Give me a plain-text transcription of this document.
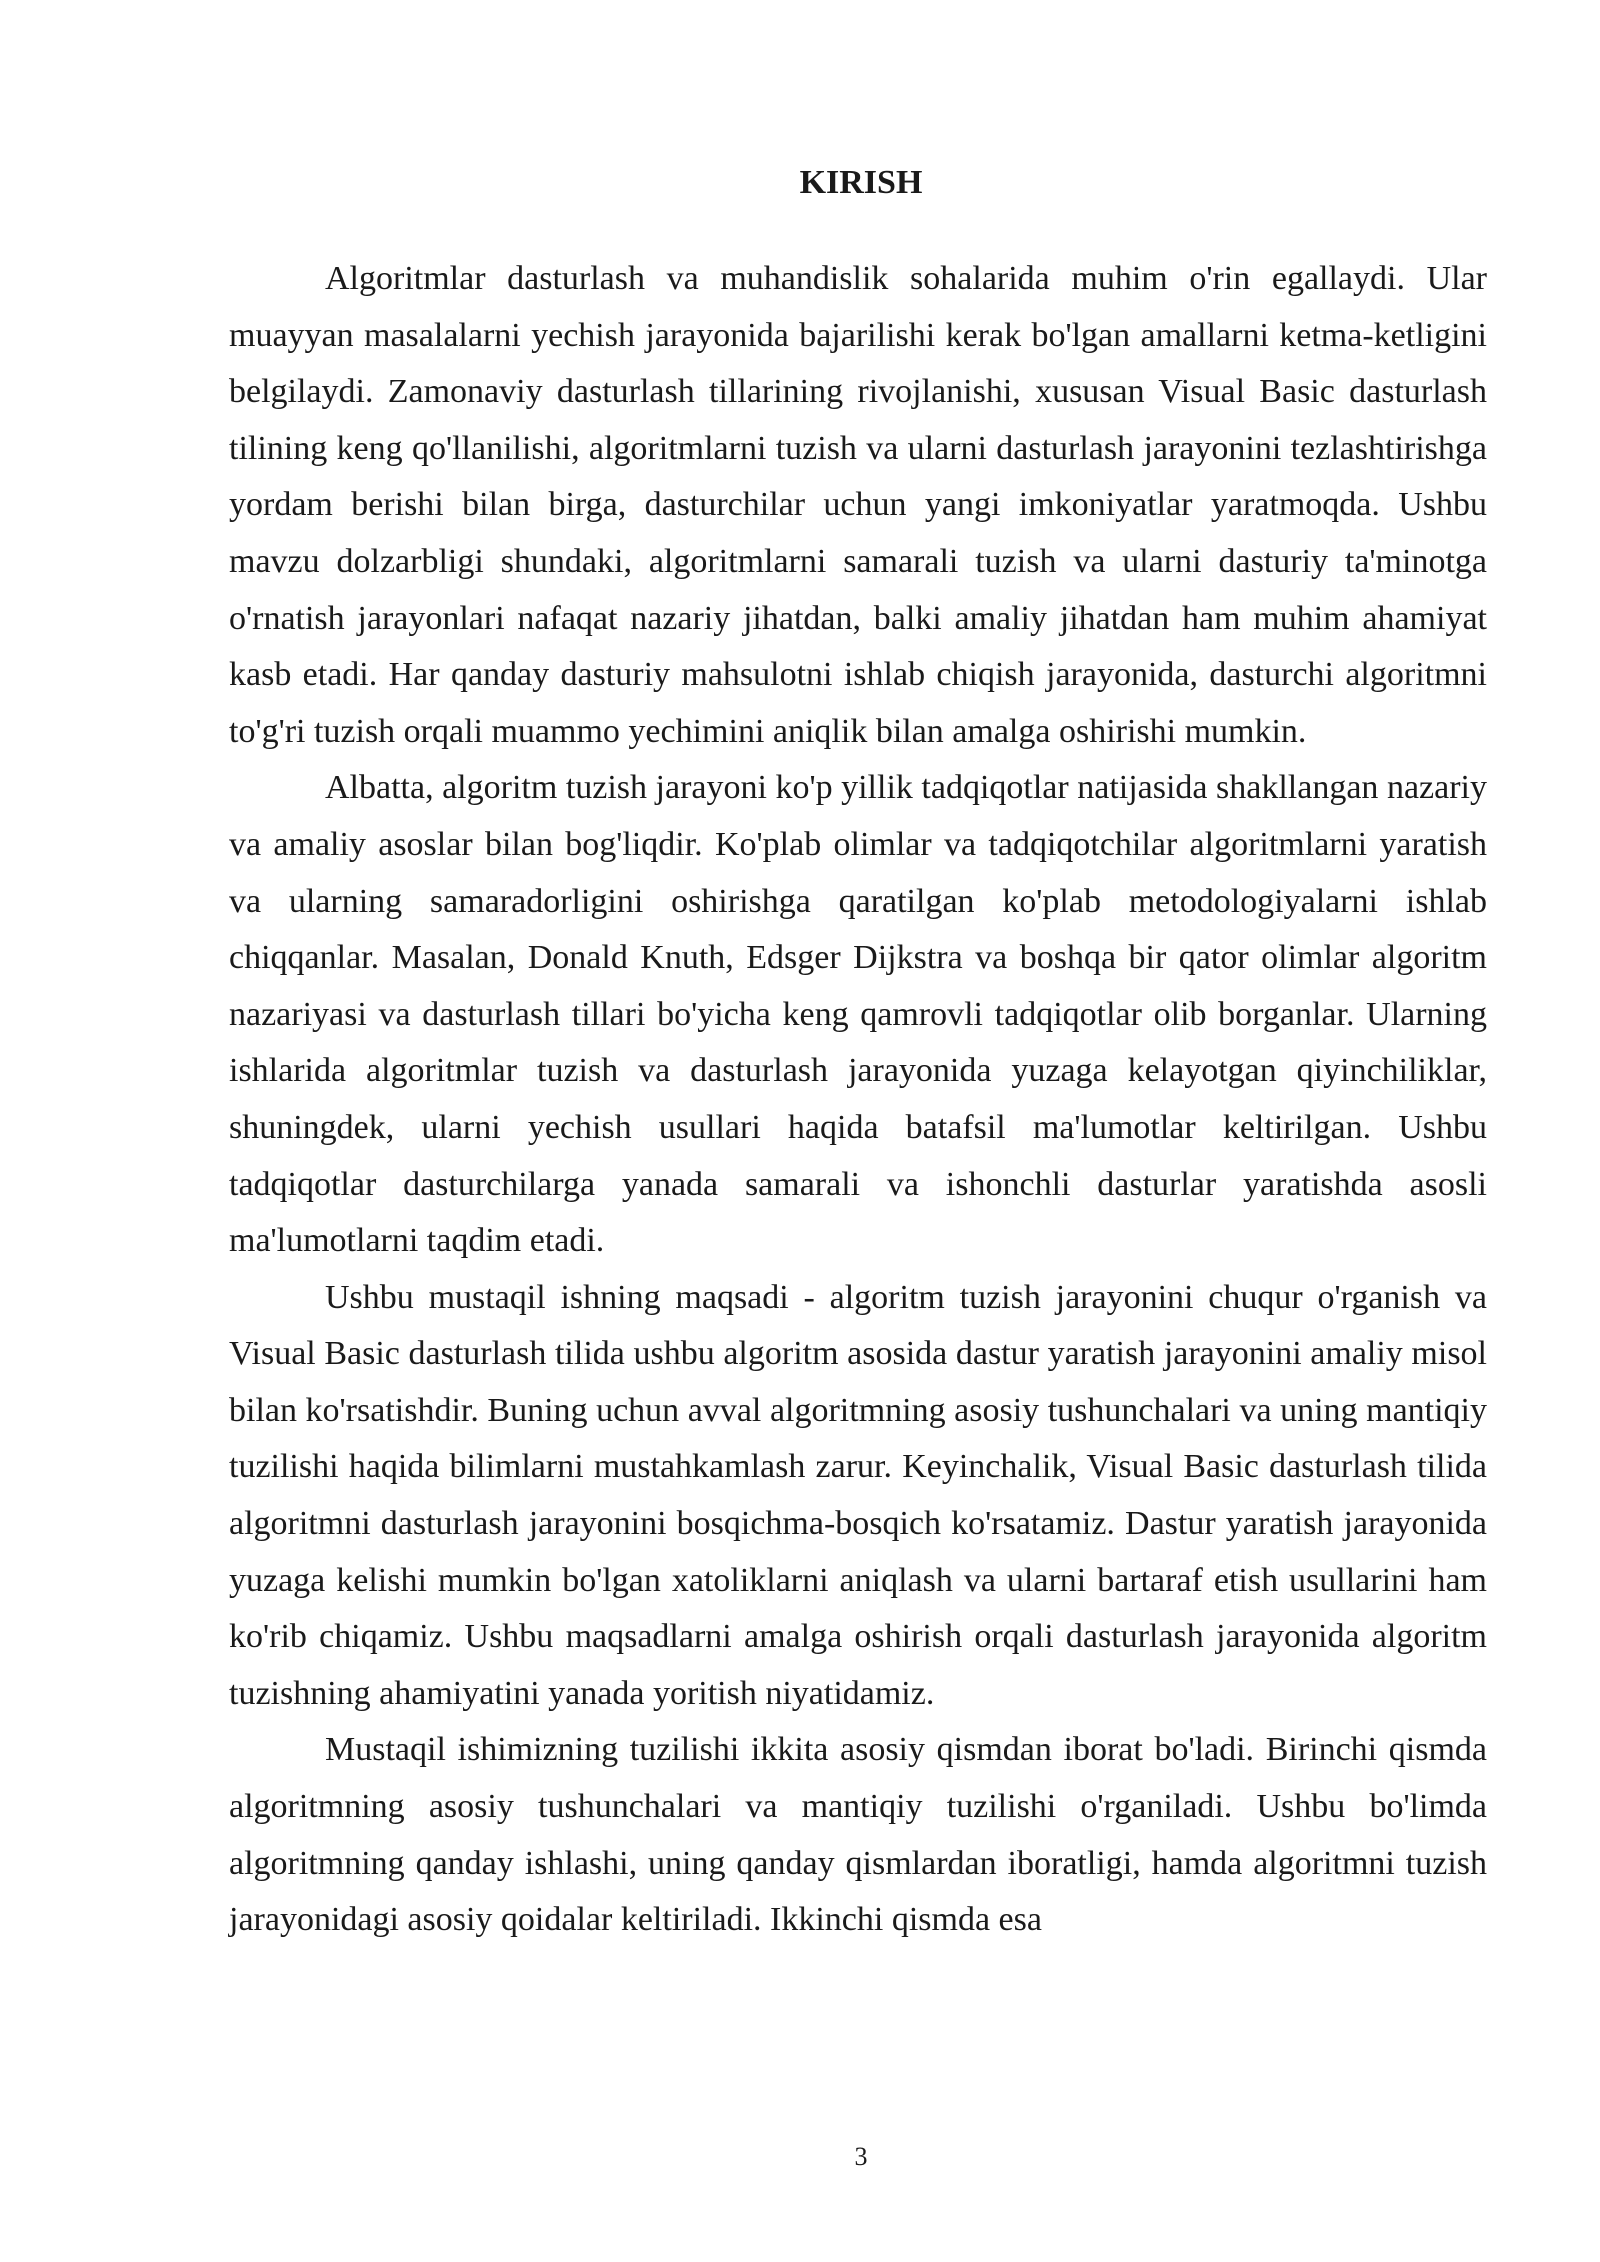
KIRISH

Algoritmlar dasturlash va muhandislik sohalarida muhim o'rin egallaydi. Ular muayyan masalalarni yechish jarayonida bajarilishi kerak bo'lgan amallarni ketma-ketligini belgilaydi. Zamonaviy dasturlash tillarining rivojlanishi, xususan Visual Basic dasturlash tilining keng qo'llanilishi, algoritmlarni tuzish va ularni dasturlash jarayonini tezlashtirishga yordam berishi bilan birga, dasturchilar uchun yangi imkoniyatlar yaratmoqda. Ushbu mavzu dolzarbligi shundaki, algoritmlarni samarali tuzish va ularni dasturiy ta'minotga o'rnatish jarayonlari nafaqat nazariy jihatdan, balki amaliy jihatdan ham muhim ahamiyat kasb etadi. Har qanday dasturiy mahsulotni ishlab chiqish jarayonida, dasturchi algoritmni to'g'ri tuzish orqali muammo yechimini aniqlik bilan amalga oshirishi mumkin.

Albatta, algoritm tuzish jarayoni ko'p yillik tadqiqotlar natijasida shakllangan nazariy va amaliy asoslar bilan bog'liqdir. Ko'plab olimlar va tadqiqotchilar algoritmlarni yaratish va ularning samaradorligini oshirishga qaratilgan ko'plab metodologiyalarni ishlab chiqqanlar. Masalan, Donald Knuth, Edsger Dijkstra va boshqa bir qator olimlar algoritm nazariyasi va dasturlash tillari bo'yicha keng qamrovli tadqiqotlar olib borganlar. Ularning ishlarida algoritmlar tuzish va dasturlash jarayonida yuzaga kelayotgan qiyinchiliklar, shuningdek, ularni yechish usullari haqida batafsil ma'lumotlar keltirilgan. Ushbu tadqiqotlar dasturchilarga yanada samarali va ishonchli dasturlar yaratishda asosli ma'lumotlarni taqdim etadi.

Ushbu mustaqil ishning maqsadi - algoritm tuzish jarayonini chuqur o'rganish va Visual Basic dasturlash tilida ushbu algoritm asosida dastur yaratish jarayonini amaliy misol bilan ko'rsatishdir. Buning uchun avval algoritmning asosiy tushunchalari va uning mantiqiy tuzilishi haqida bilimlarni mustahkamlash zarur. Keyinchalik, Visual Basic dasturlash tilida algoritmni dasturlash jarayonini bosqichma-bosqich ko'rsatamiz. Dastur yaratish jarayonida yuzaga kelishi mumkin bo'lgan xatoliklarni aniqlash va ularni bartaraf etish usullarini ham ko'rib chiqamiz. Ushbu maqsadlarni amalga oshirish orqali dasturlash jarayonida algoritm tuzishning ahamiyatini yanada yoritish niyatidamiz.

Mustaqil ishimizning tuzilishi ikkita asosiy qismdan iborat bo'ladi. Birinchi qismda algoritmning asosiy tushunchalari va mantiqiy tuzilishi o'rganiladi. Ushbu bo'limda algoritmning qanday ishlashi, uning qanday qismlardan iboratligi, hamda algoritmni tuzish jarayonidagi asosiy qoidalar keltiriladi. Ikkinchi qismda esa

3
